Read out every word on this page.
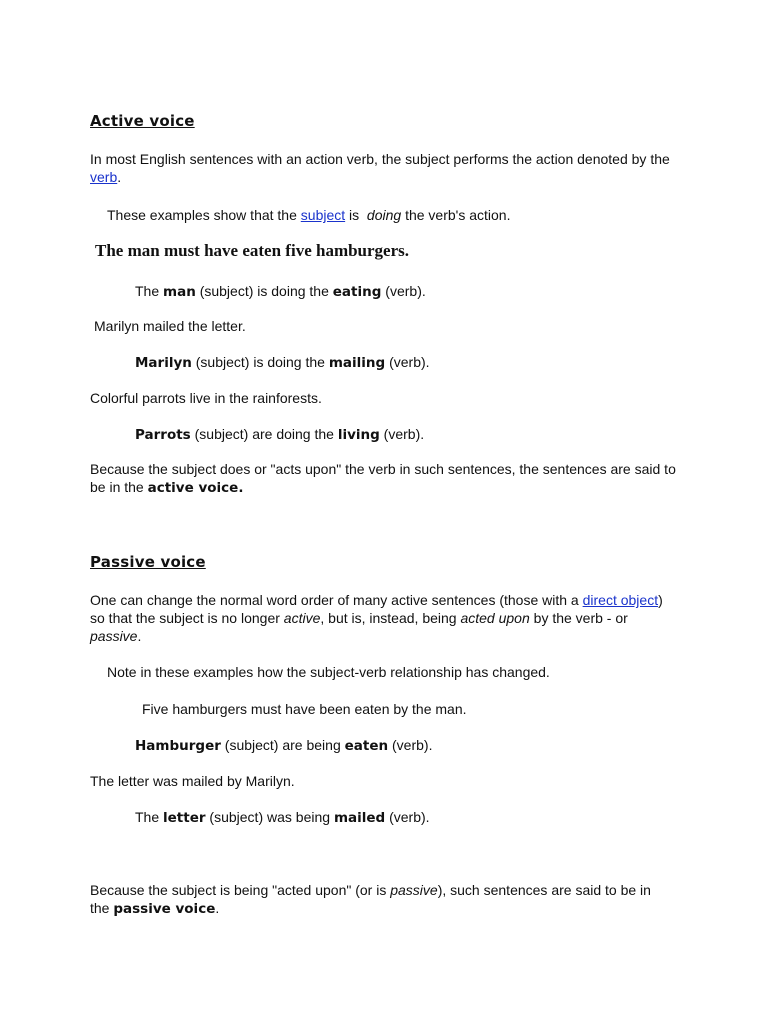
Active voice

In most English sentences with an action verb, the subject performs the action denoted by the verb.

These examples show that the subject is  doing the verb's action.

The man must have eaten five hamburgers.

The man (subject) is doing the eating (verb).

Marilyn mailed the letter.

Marilyn (subject) is doing the mailing (verb).

Colorful parrots live in the rainforests.

Parrots (subject) are doing the living (verb).

Because the subject does or "acts upon" the verb in such sentences, the sentences are said to be in the active voice.

Passive voice

One can change the normal word order of many active sentences (those with a direct object) so that the subject is no longer active, but is, instead, being acted upon by the verb - or passive.

Note in these examples how the subject-verb relationship has changed.

Five hamburgers must have been eaten by the man.

Hamburger (subject) are being eaten (verb).

The letter was mailed by Marilyn.

The letter (subject) was being mailed (verb).

Because the subject is being "acted upon" (or is passive), such sentences are said to be in the passive voice.
